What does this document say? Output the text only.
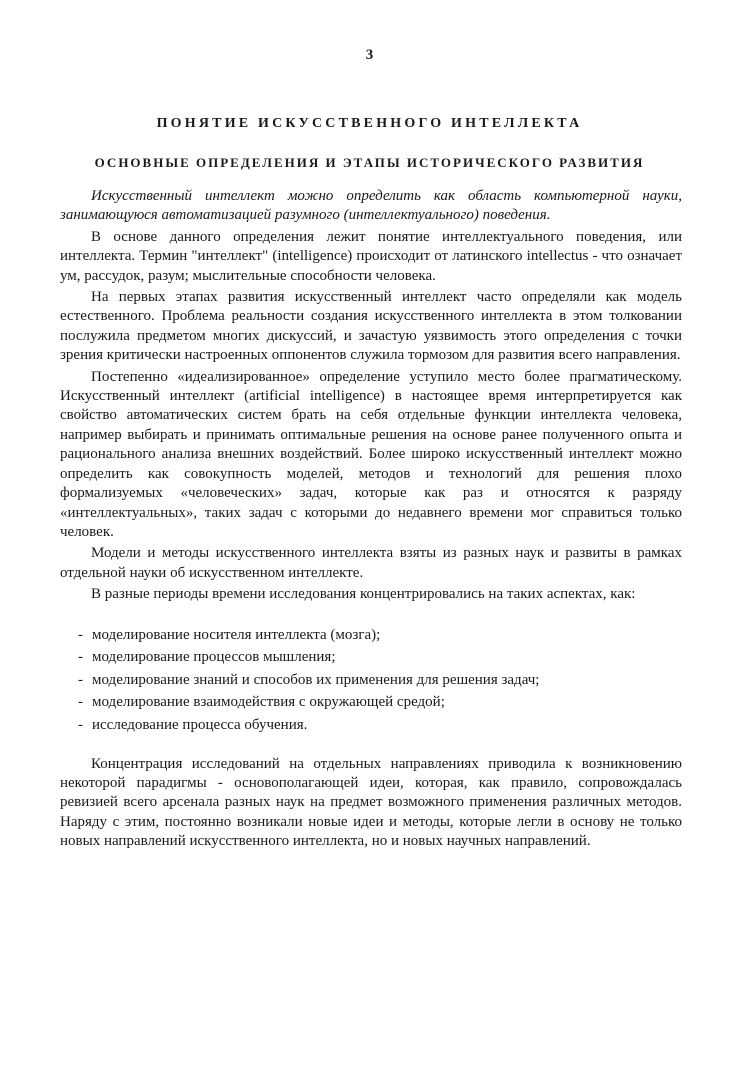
3
ПОНЯТИЕ ИСКУССТВЕННОГО ИНТЕЛЛЕКТА
ОСНОВНЫЕ ОПРЕДЕЛЕНИЯ И ЭТАПЫ ИСТОРИЧЕСКОГО РАЗВИТИЯ

Искусственный интеллект можно определить как область компьютерной науки, занимающуюся автоматизацией разумного (интеллектуального) поведения.

В основе данного определения лежит понятие интеллектуального поведения, или интеллекта. Термин "интеллект" (intelligence) происходит от латинского intellectus - что означает ум, рассудок, разум; мыслительные способности человека.

На первых этапах развития искусственный интеллект часто определяли как модель естественного. Проблема реальности создания искусственного интеллекта в этом толковании послужила предметом многих дискуссий, и зачастую уязвимость этого определения с точки зрения критически настроенных оппонентов служила тормозом для развития всего направления.

Постепенно «идеализированное» определение уступило место более прагматическому. Искусственный интеллект (artificial intelligence) в настоящее время интерпретируется как свойство автоматических систем брать на себя отдельные функции интеллекта человека, например выбирать и принимать оптимальные решения на основе ранее полученного опыта и рационального анализа внешних воздействий. Более широко искусственный интеллект можно определить как совокупность моделей, методов и технологий для решения плохо формализуемых «человеческих» задач, которые как раз и относятся к разряду «интеллектуальных», таких задач с которыми до недавнего времени мог справиться только человек.

Модели и методы искусственного интеллекта взяты из разных наук и развиты в рамках отдельной науки об искусственном интеллекте.

В разные периоды времени исследования концентрировались на таких аспектах, как:

- моделирование носителя интеллекта (мозга);
- моделирование процессов мышления;
- моделирование знаний и способов их применения для решения задач;
- моделирование взаимодействия с окружающей средой;
- исследование процесса обучения.

Концентрация исследований на отдельных направлениях приводила к возникновению некоторой парадигмы - основополагающей идеи, которая, как правило, сопровождалась ревизией всего арсенала разных наук на предмет возможного применения различных методов. Наряду с этим, постоянно возникали новые идеи и методы, которые легли в основу не только новых направлений искусственного интеллекта, но и новых научных направлений.
